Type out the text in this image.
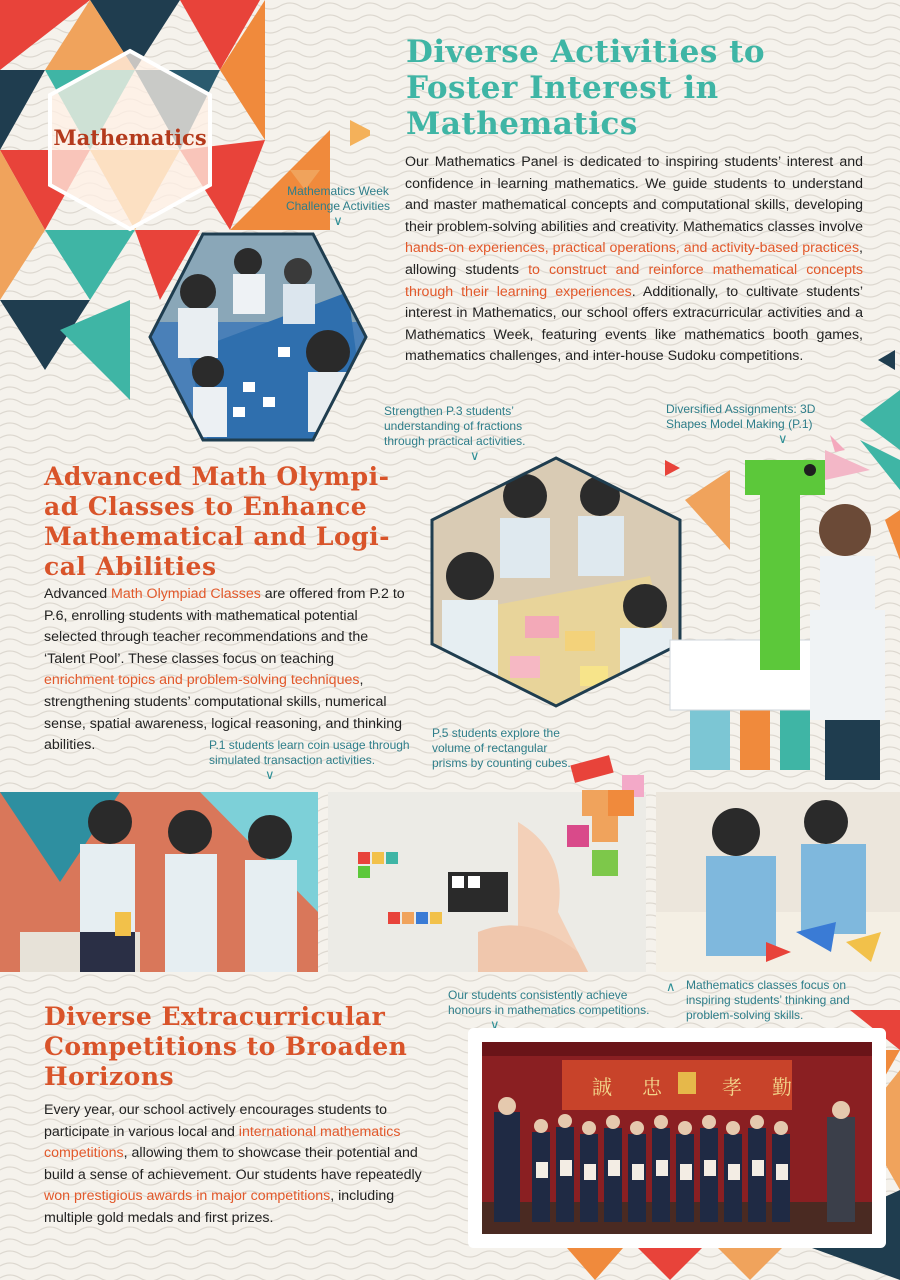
Mathematics

Diverse Activities to

Foster Interest in

Mathematics

Our Mathematics Panel is dedicated to inspiring students’ interest and confidence in learning mathematics. We guide students to understand and master mathematical concepts and computational skills, developing their problem-solving abilities and creativity. Mathematics classes involve hands-on experiences, practical operations, and activity-based practices, allowing students to construct and reinforce mathematical concepts through their learning experiences. Additionally, to cultivate students’ interest in Mathematics, our school offers extracurricular activities and a Mathematics Week, featuring events like mathematics booth games, mathematics challenges, and inter-house Sudoku competitions.
Mathematics Week
Challenge Activities
∨
Strengthen P.3 students’
understanding of fractions
through practical activities.
∨
Diversified Assignments: 3D
Shapes Model Making (P.1)
∨

Advanced Math Olympi-

ad Classes to Enhance

Mathematical and Logi-

cal Abilities

Advanced Math Olympiad Classes are offered from P.2 to P.6, enrolling students with mathematical potential selected through teacher recommendations and the ‘Talent Pool’. These classes focus on teaching enrichment topics and problem-solving techniques, strengthening students’ computational skills, numerical sense, spatial awareness, logical reasoning, and thinking abilities.	P.1 students learn coin usage through
simulated transaction activities.
∨
P.5 students explore the
volume of rectangular
prisms by counting cubes.
∧ Mathematics classes focus on
inspiring students’ thinking and
problem-solving skills.
Our students consistently achieve
honours in mathematics competitions.
∨

Diverse Extracurricular

Competitions to Broaden

Horizons

Every year, our school actively encourages students to participate in various local and international mathematics competitions, allowing them to showcase their potential and build a sense of achievement. Our students have repeatedly won prestigious awards in major competitions, including multiple gold medals and first prizes.
誠 忠	孝 勤
